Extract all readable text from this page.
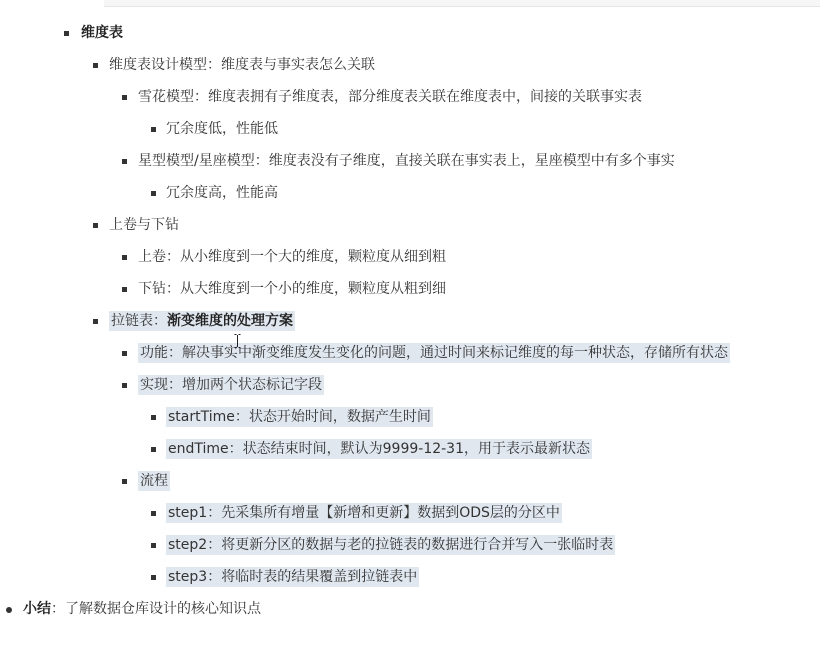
维度表
维度表设计模型：维度表与事实表怎么关联
雪花模型：维度表拥有子维度表，部分维度表关联在维度表中，间接的关联事实表
冗余度低，性能低
星型模型/星座模型：维度表没有子维度，直接关联在事实表上，星座模型中有多个事实
冗余度高，性能高
上卷与下钻
上卷：从小维度到一个大的维度，颗粒度从细到粗
下钻：从大维度到一个小的维度，颗粒度从粗到细
拉链表：渐变维度的处理方案
功能：解决事实中渐变维度发生变化的问题，通过时间来标记维度的每一种状态，存储所有状态
实现：增加两个状态标记字段
startTime：状态开始时间，数据产生时间
endTime：状态结束时间，默认为9999-12-31，用于表示最新状态
流程
step1：先采集所有增量【新增和更新】数据到ODS层的分区中
step2：将更新分区的数据与老的拉链表的数据进行合并写入一张临时表
step3：将临时表的结果覆盖到拉链表中
小结：了解数据仓库设计的核心知识点
